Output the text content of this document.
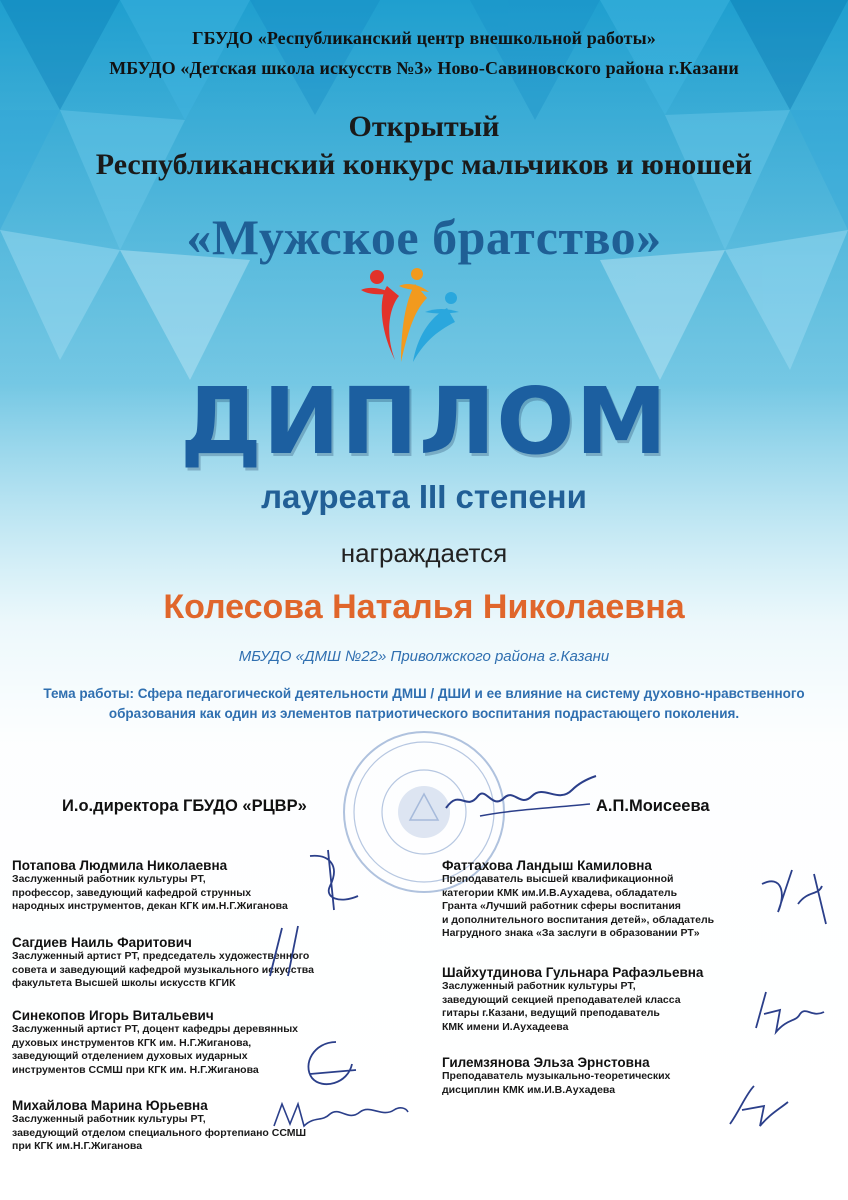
ГБУДО «Республиканский центр внешкольной работы»
МБУДО «Детская школа искусств №3» Ново-Савиновского района г.Казани
Открытый
Республиканский конкурс мальчиков и юношей
«Мужское братство»
ДИПЛОМ
лауреата III степени
награждается
Колесова Наталья Николаевна
МБУДО «ДМШ №22» Приволжского района г.Казани
Тема работы: Сфера педагогической деятельности ДМШ / ДШИ и ее влияние на систему духовно-нравственного
образования как один из элементов патриотического воспитания подрастающего поколения.
И.о.директора ГБУДО «РЦВР»	А.П.Моисеева
Потапова Людмила Николаевна
Заслуженный работник культуры РТ,
профессор, заведующий кафедрой струнных
народных инструментов, декан КГК им.Н.Г.Жиганова
Сагдиев Наиль Фаритович
Заслуженный артист РТ, председатель художественного
совета и заведующий кафедрой музыкального искусства
факультета Высшей школы искусств КГИК
Синекопов Игорь Витальевич
Заслуженный артист РТ, доцент кафедры деревянных
духовых инструментов КГК им. Н.Г.Жиганова,
заведующий отделением духовых иударных
инструментов ССМШ при КГК им. Н.Г.Жиганова
Михайлова Марина Юрьевна
Заслуженный работник культуры РТ,
заведующий отделом специального фортепиано ССМШ
при КГК им.Н.Г.Жиганова
Фаттахова Ландыш Камиловна
Преподаватель высшей квалификационной
категории КМК им.И.В.Аухадева, обладатель
Гранта «Лучший работник сферы воспитания
и дополнительного воспитания детей», обладатель
Нагрудного знака «За заслуги в образовании РТ»
Шайхутдинова Гульнара Рафаэльевна
Заслуженный работник культуры РТ,
заведующий секцией преподавателей класса
гитары г.Казани, ведущий преподаватель
КМК имени И.Аухадеева
Гилемзянова Эльза Эрнстовна
Преподаватель музыкально-теоретических
дисциплин КМК им.И.В.Аухадева
